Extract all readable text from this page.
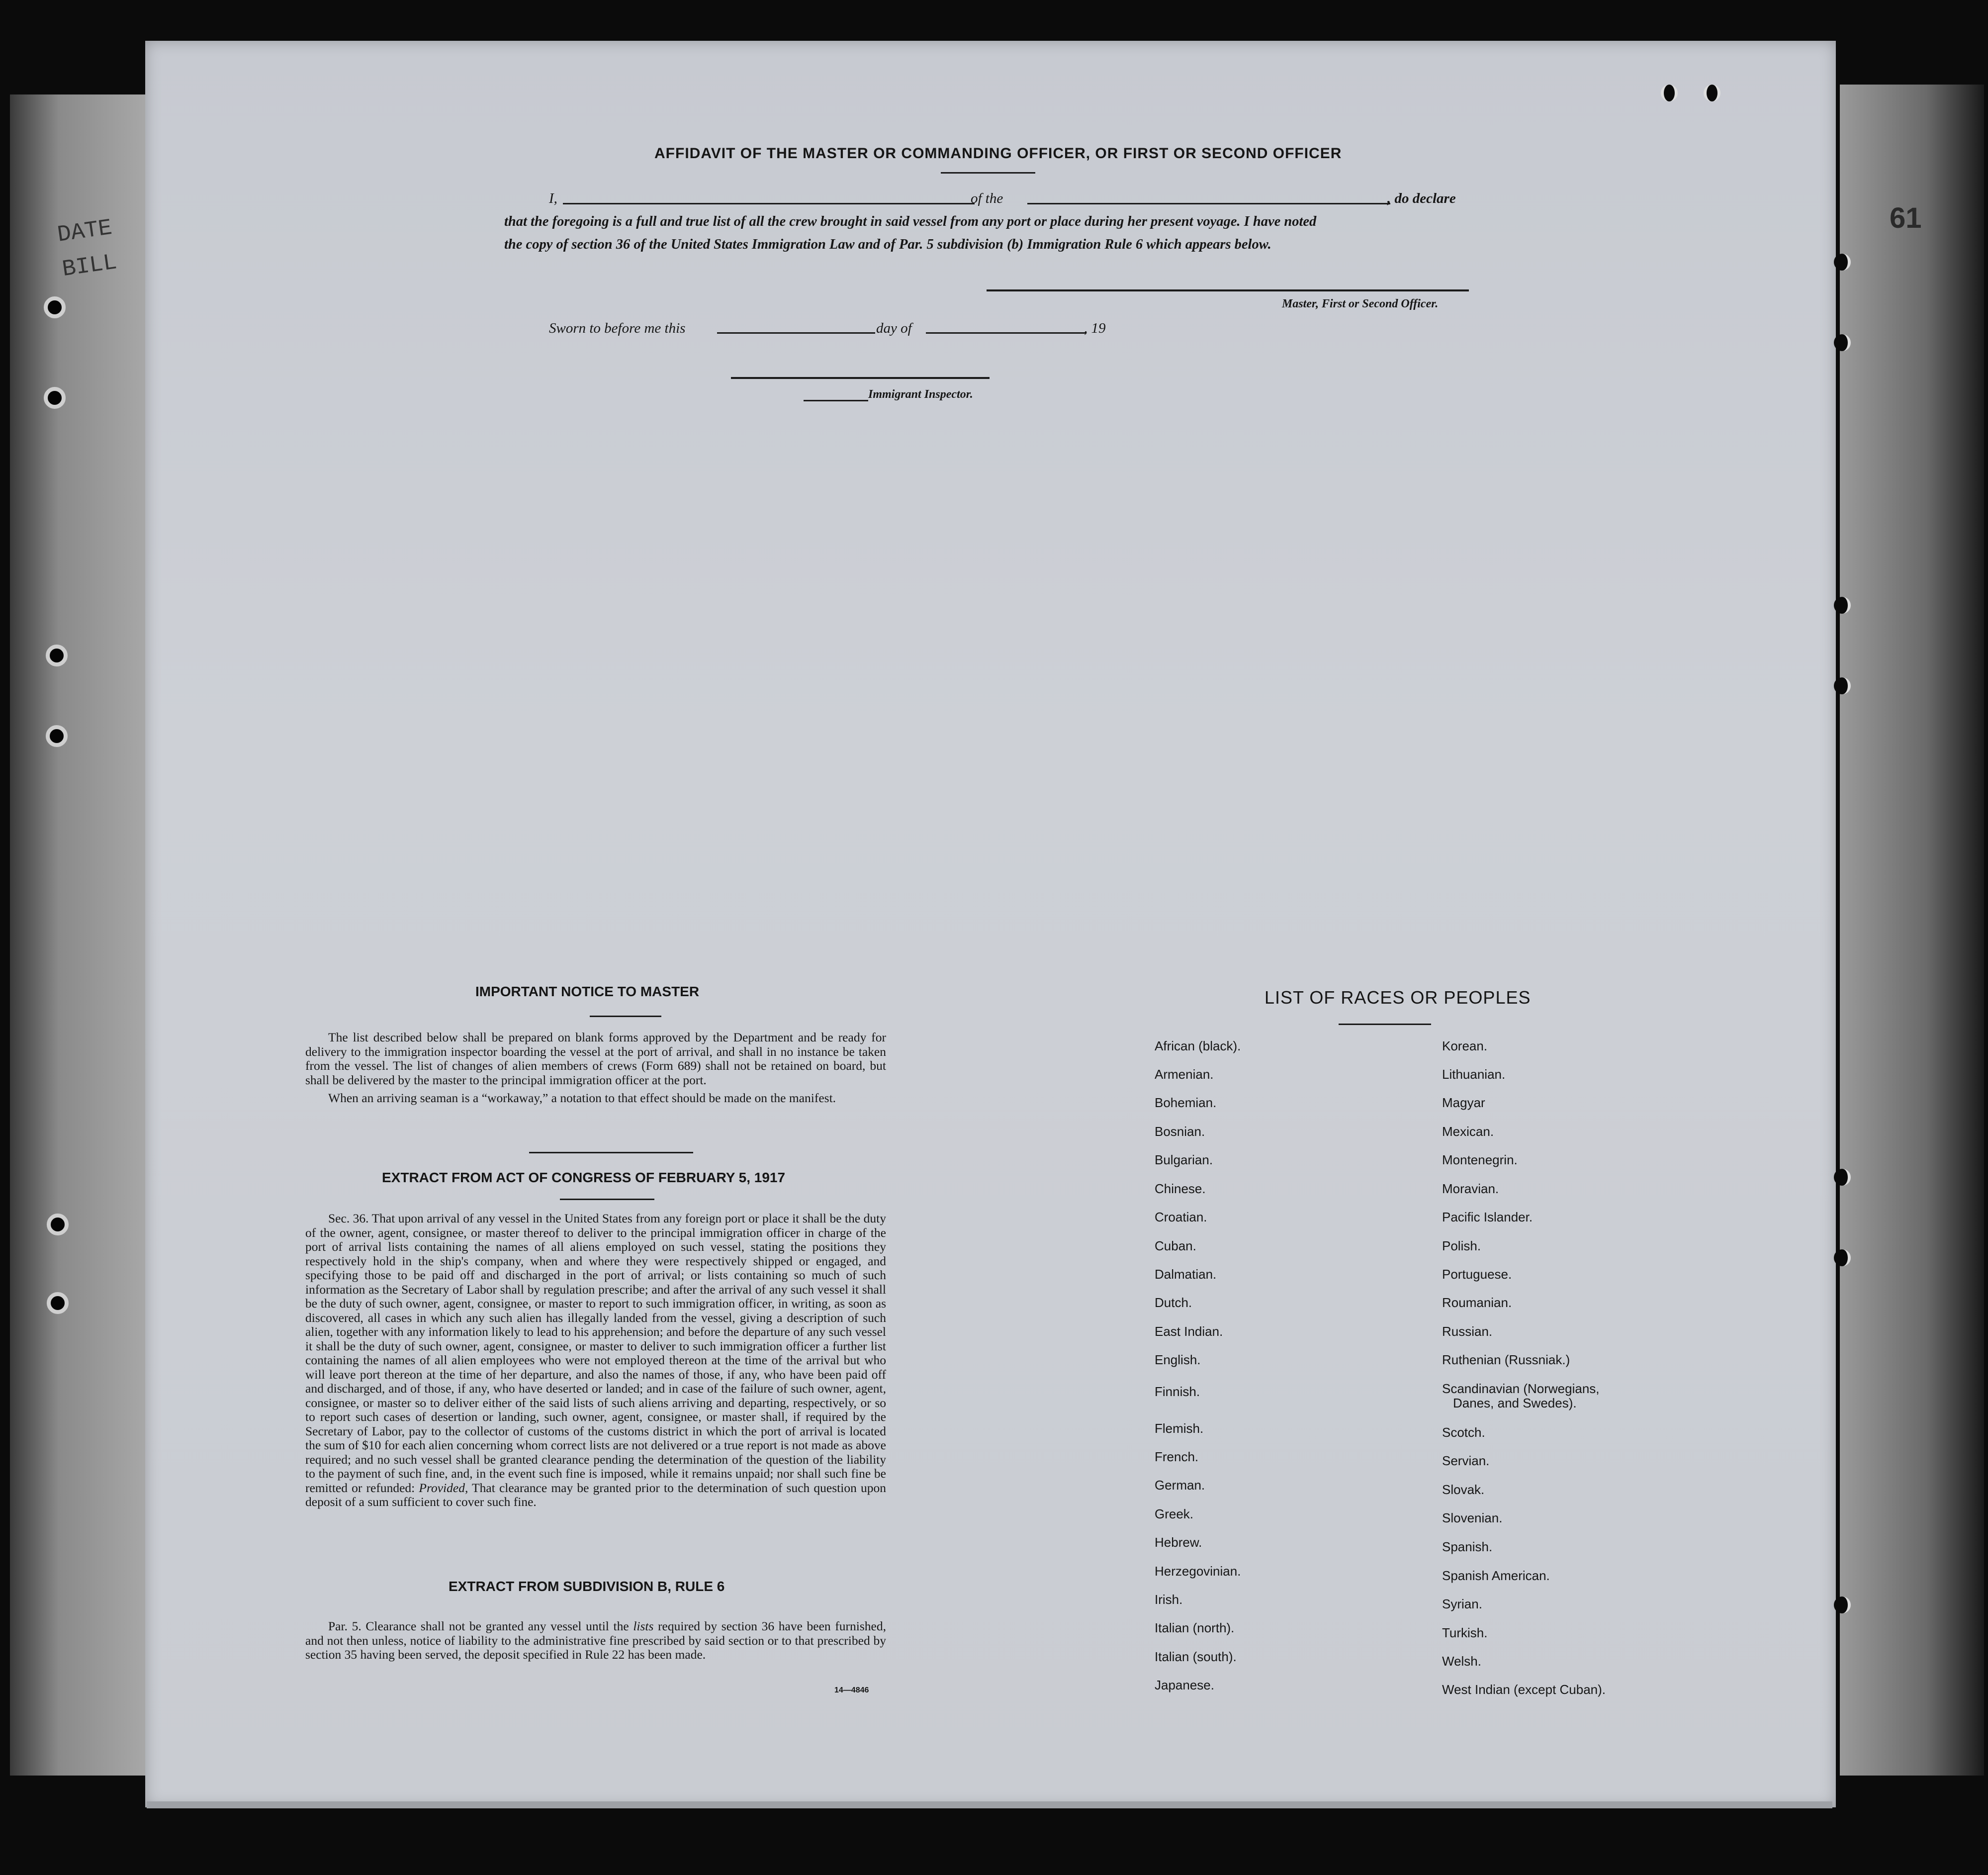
DATE
BILL
61
AFFIDAVIT OF THE MASTER OR COMMANDING OFFICER, OR FIRST OR SECOND OFFICER
I,	of the	, do declare
that the foregoing is a full and true list of all the crew brought in said vessel from any port or place during her present voyage. I have noted
the copy of section 36 of the United States Immigration Law and of Par. 5 subdivision (b) Immigration Rule 6 which appears below.
Master, First or Second Officer.
Sworn to before me this	day of	, 19
Immigrant Inspector.
IMPORTANT NOTICE TO MASTER

The list described below shall be prepared on blank forms approved by the Department and be ready for delivery to the immigration inspector boarding the vessel at the port of arrival, and shall in no instance be taken from the vessel. The list of changes of alien members of crews (Form 689) shall not be retained on board, but shall be delivered by the master to the principal immigration officer at the port.

When an arriving seaman is a “workaway,” a notation to that effect should be made on the manifest.

EXTRACT FROM ACT OF CONGRESS OF FEBRUARY 5, 1917

Sec. 36. That upon arrival of any vessel in the United States from any foreign port or place it shall be the duty of the owner, agent, consignee, or master thereof to deliver to the principal immigration officer in charge of the port of arrival lists containing the names of all aliens employed on such vessel, stating the positions they respectively hold in the ship's company, when and where they were respectively shipped or engaged, and specifying those to be paid off and discharged in the port of arrival; or lists containing so much of such information as the Secretary of Labor shall by regulation prescribe; and after the arrival of any such vessel it shall be the duty of such owner, agent, consignee, or master to report to such immigration officer, in writing, as soon as discovered, all cases in which any such alien has illegally landed from the vessel, giving a description of such alien, together with any information likely to lead to his apprehension; and before the departure of any such vessel it shall be the duty of such owner, agent, consignee, or master to deliver to such immigration officer a further list containing the names of all alien employees who were not employed thereon at the time of the arrival but who will leave port thereon at the time of her departure, and also the names of those, if any, who have been paid off and discharged, and of those, if any, who have deserted or landed; and in case of the failure of such owner, agent, consignee, or master so to deliver either of the said lists of such aliens arriving and departing, respectively, or so to report such cases of desertion or landing, such owner, agent, consignee, or master shall, if required by the Secretary of Labor, pay to the collector of customs of the customs district in which the port of arrival is located the sum of $10 for each alien concerning whom correct lists are not delivered or a true report is not made as above required; and no such vessel shall be granted clearance pending the determination of the question of the liability to the payment of such fine, and, in the event such fine is imposed, while it remains unpaid; nor shall such fine be remitted or refunded: Provided, That clearance may be granted prior to the determination of such question upon deposit of a sum sufficient to cover such fine.

EXTRACT FROM SUBDIVISION B, RULE 6

Par. 5. Clearance shall not be granted any vessel until the lists required by section 36 have been furnished, and not then unless, notice of liability to the administrative fine prescribed by said section or to that prescribed by section 35 having been served, the deposit specified in Rule 22 has been made.

14—4846
LIST OF RACES OR PEOPLES
African (black).
Armenian.
Bohemian.
Bosnian.
Bulgarian.
Chinese.
Croatian.
Cuban.
Dalmatian.
Dutch.
East Indian.
English.
Finnish.
Flemish.
French.
German.
Greek.
Hebrew.
Herzegovinian.
Irish.
Italian (north).
Italian (south).
Japanese.
Korean.
Lithuanian.
Magyar
Mexican.
Montenegrin.
Moravian.
Pacific Islander.
Polish.
Portuguese.
Roumanian.
Russian.
Ruthenian (Russniak.)
Scandinavian (Norwegians,
Danes, and Swedes).
Scotch.
Servian.
Slovak.
Slovenian.
Spanish.
Spanish American.
Syrian.
Turkish.
Welsh.
West Indian (except Cuban).
